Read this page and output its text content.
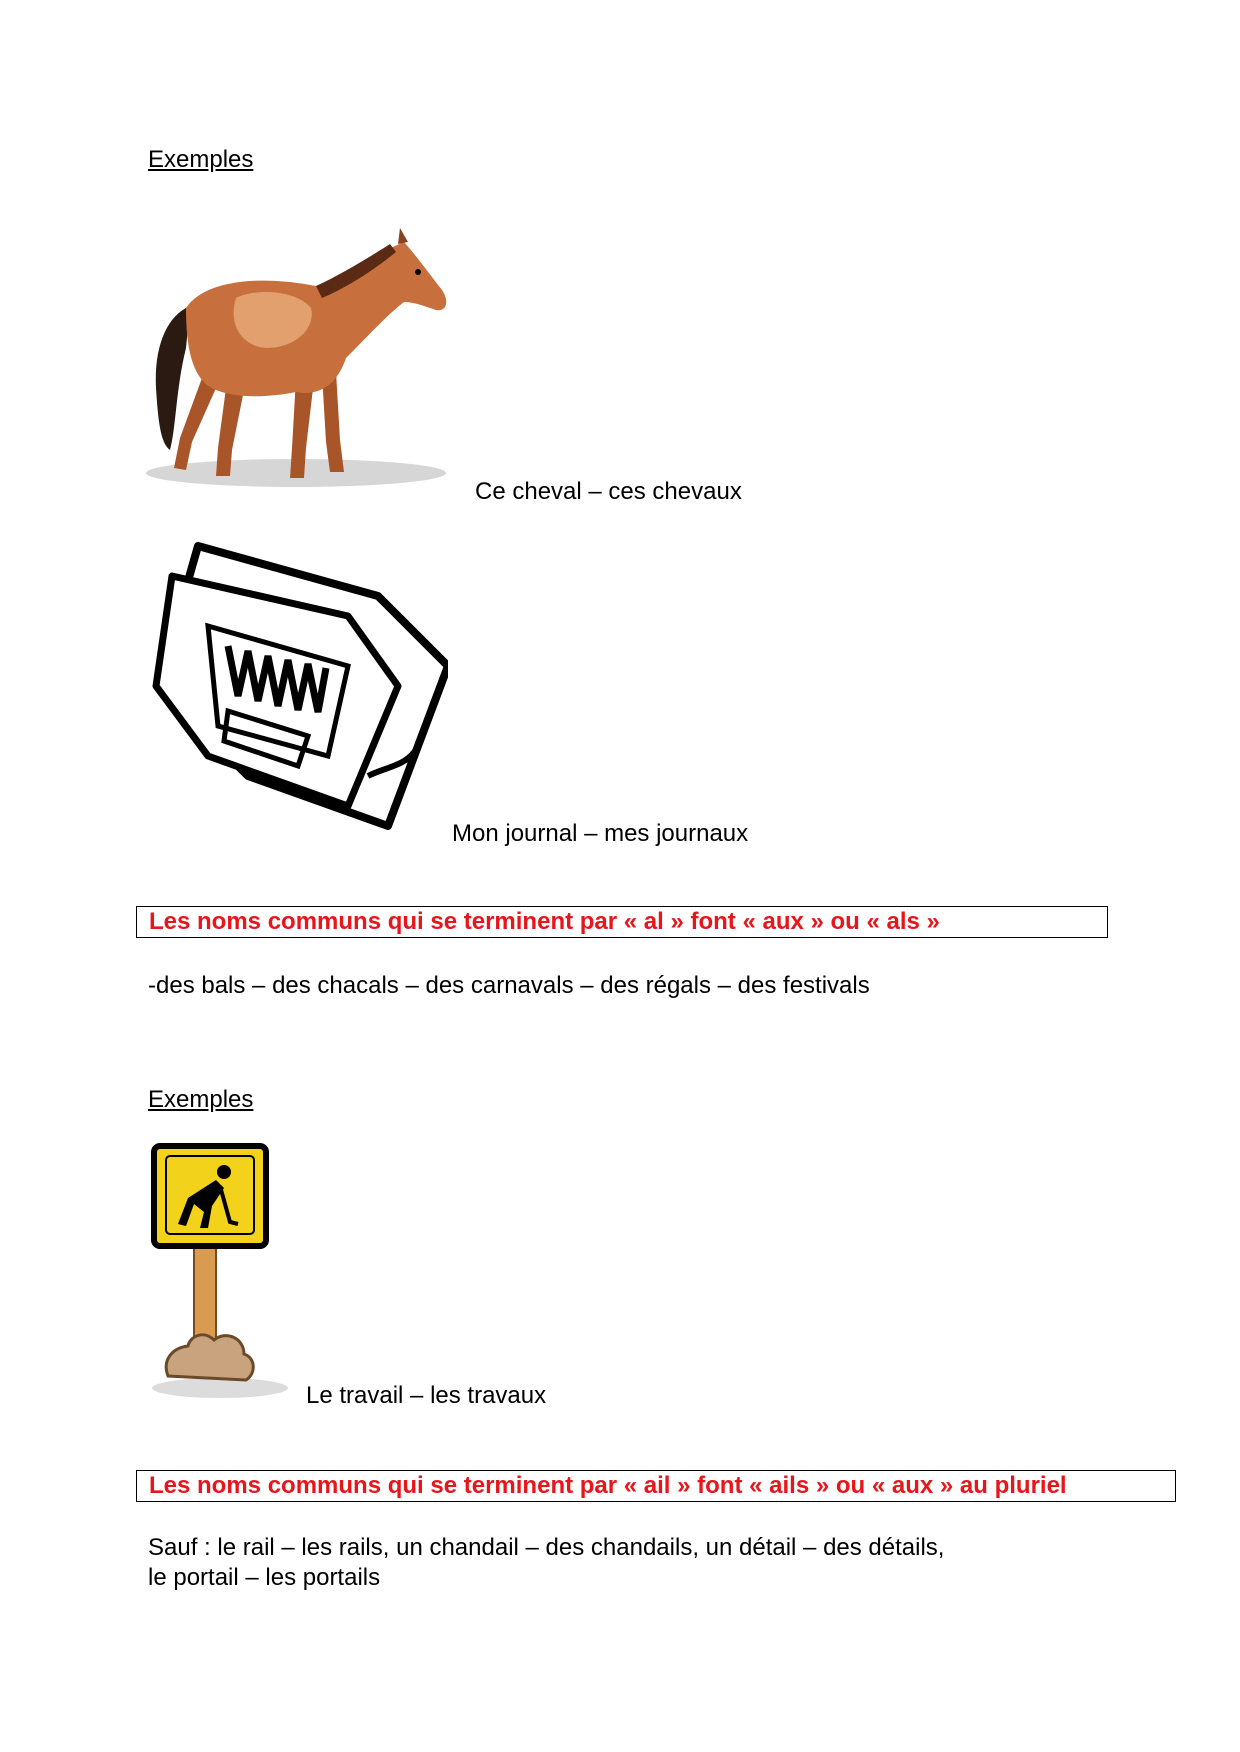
Exemples

Ce cheval – ces chevaux

Mon journal – mes journaux

Les noms communs qui se terminent par « al » font « aux » ou « als »

-des bals – des chacals – des carnavals – des régals – des festivals

Exemples

Le travail – les travaux

Les noms communs qui se terminent par « ail » font « ails » ou « aux » au pluriel

Sauf : le rail – les rails, un chandail – des chandails, un détail – des détails,

le portail – les portails
